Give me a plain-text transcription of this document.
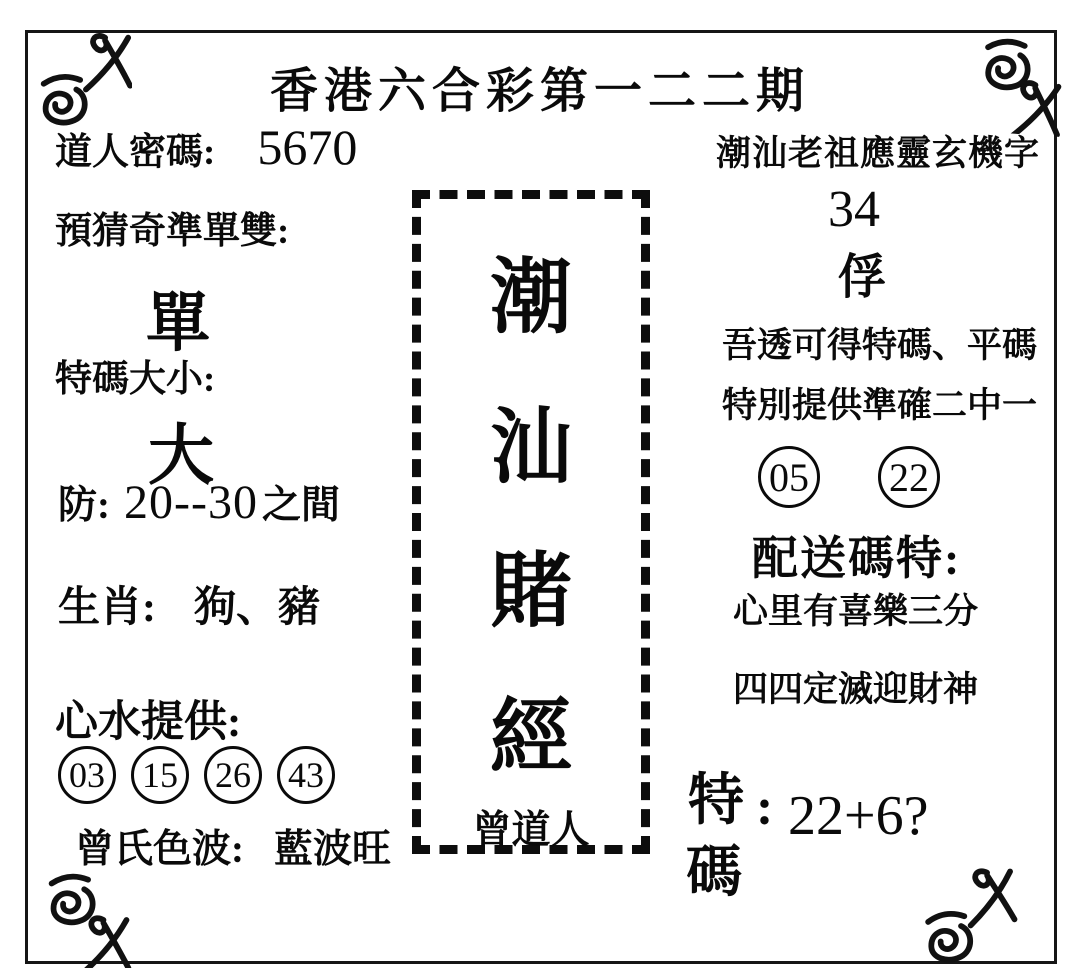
香港六合彩第一二二期
道人密碼: 5670
預猜奇準單雙:
單
特碼大小:
大
防: 20--30 之間
生肖: 狗、豬
心水提供:
03	15	26	43
曾氏色波: 藍波旺
潮
汕
賭
經
曾道人
潮汕老祖應靈玄機字
34
俘
吾透可得特碼、平碼
特別提供準確二中一
05 22
配送碼特:
心里有喜樂三分
四四定滅迎財神
特
碼
: 22+6?
